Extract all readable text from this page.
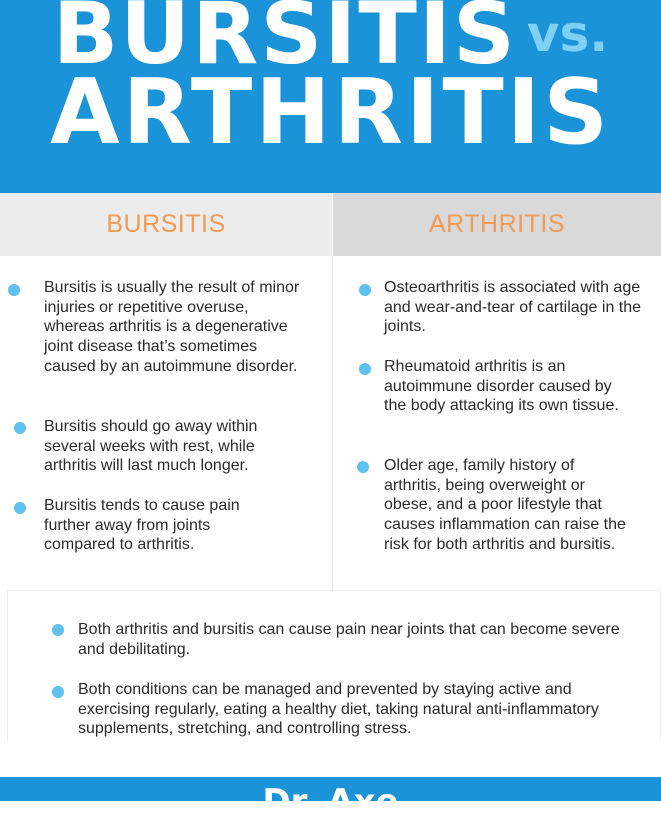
BURSITIS vs.
ARTHRITIS
BURSITIS	ARTHRITIS

Bursitis is usually the result of minor injuries or repetitive overuse, whereas arthritis is a degenerative joint disease that’s sometimes caused by an autoimmune disorder.

Bursitis should go away within several weeks with rest, while arthritis will last much longer.

Bursitis tends to cause pain further away from joints compared to arthritis.

Osteoarthritis is associated with age and wear-and-tear of cartilage in the joints.

Rheumatoid arthritis is an autoimmune disorder caused by the body attacking its own tissue.

Older age, family history of arthritis, being overweight or obese, and a poor lifestyle that causes inflammation can raise the risk for both arthritis and bursitis.

Both arthritis and bursitis can cause pain near joints that can become severe and debilitating.

Both conditions can be managed and prevented by staying active and exercising regularly, eating a healthy diet, taking natural anti-inflammatory supplements, stretching, and controlling stress.

Dr. Axe
